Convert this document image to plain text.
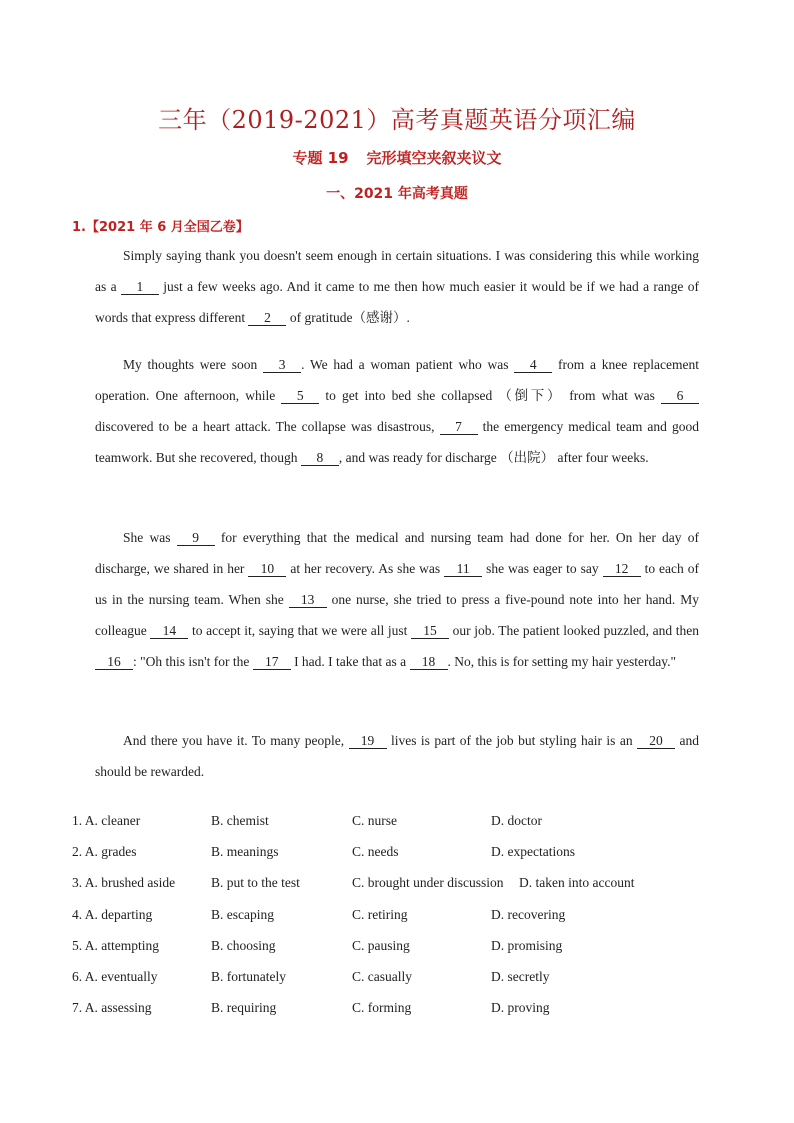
三年（2019-2021）高考真题英语分项汇编
专题 19 完形填空夹叙夹议文
一、2021 年高考真题
1.【2021 年 6 月全国乙卷】
Simply saying thank you doesn't seem enough in certain situations. I was considering this while working as a 1 just a few weeks ago. And it came to me then how much easier it would be if we had a range of words that express different 2 of gratitude（感谢）.
My thoughts were soon 3 . We had a woman patient who was 4 from a knee replacement operation. One afternoon, while 5 to get into bed she collapsed （倒下） from what was 6 discovered to be a heart attack. The collapse was disastrous, 7 the emergency medical team and good teamwork. But she recovered, though 8 , and was ready for discharge （出院） after four weeks.
She was 9 for everything that the medical and nursing team had done for her. On her day of discharge, we shared in her 10 at her recovery. As she was 11 she was eager to say 12 to each of us in the nursing team. When she 13 one nurse, she tried to press a five-pound note into her hand. My colleague 14 to accept it, saying that we were all just 15 our job. The patient looked puzzled, and then 16 : "Oh this isn't for the 17 I had. I take that as a 18 . No, this is for setting my hair yesterday."
And there you have it. To many people, 19 lives is part of the job but styling hair is an 20 and should be rewarded.
1. A. cleaner	B. chemist	C. nurse	D. doctor
2. A. grades	B. meanings	C. needs	D. expectations
3. A. brushed aside	B. put to the test	C. brought under discussion D. taken into account
4. A. departing	B. escaping	C. retiring	D. recovering
5. A. attempting	B. choosing	C. pausing	D. promising
6. A. eventually	B. fortunately	C. casually	D. secretly
7. A. assessing	B. requiring	C. forming	D. proving
